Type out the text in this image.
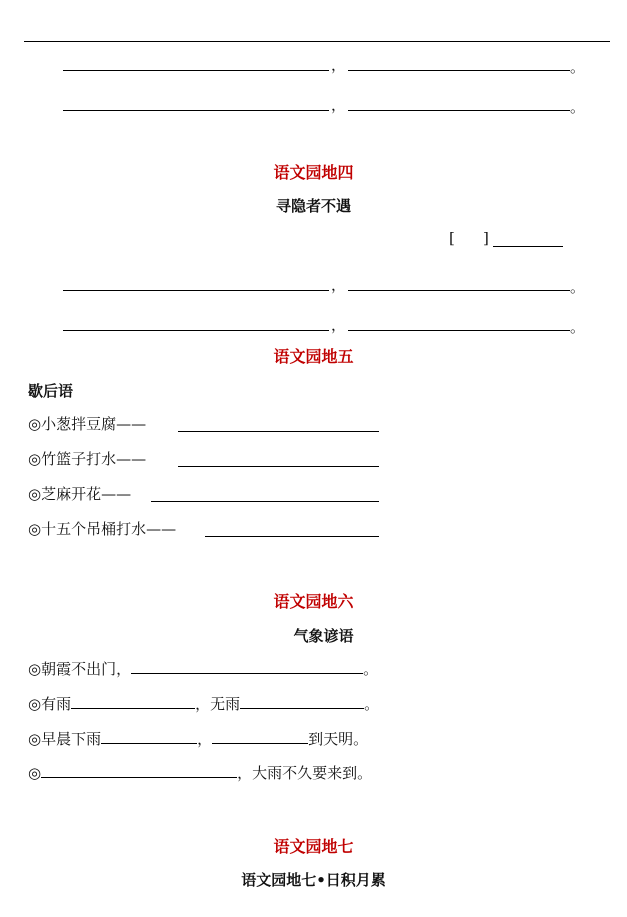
，	。
，	。
语文园地四
寻隐者不遇
[ ]
，	。
，	。
语文园地五
歇后语
◎小葱拌豆腐——
◎竹篮子打水——
◎芝麻开花——
◎十五个吊桶打水——
语文园地六
气象谚语
◎朝霞不出门，	。
◎有雨	，无雨	。
◎早晨下雨	，	到天明。
◎	，大雨不久要来到。
语文园地七
语文园地七•日积月累
